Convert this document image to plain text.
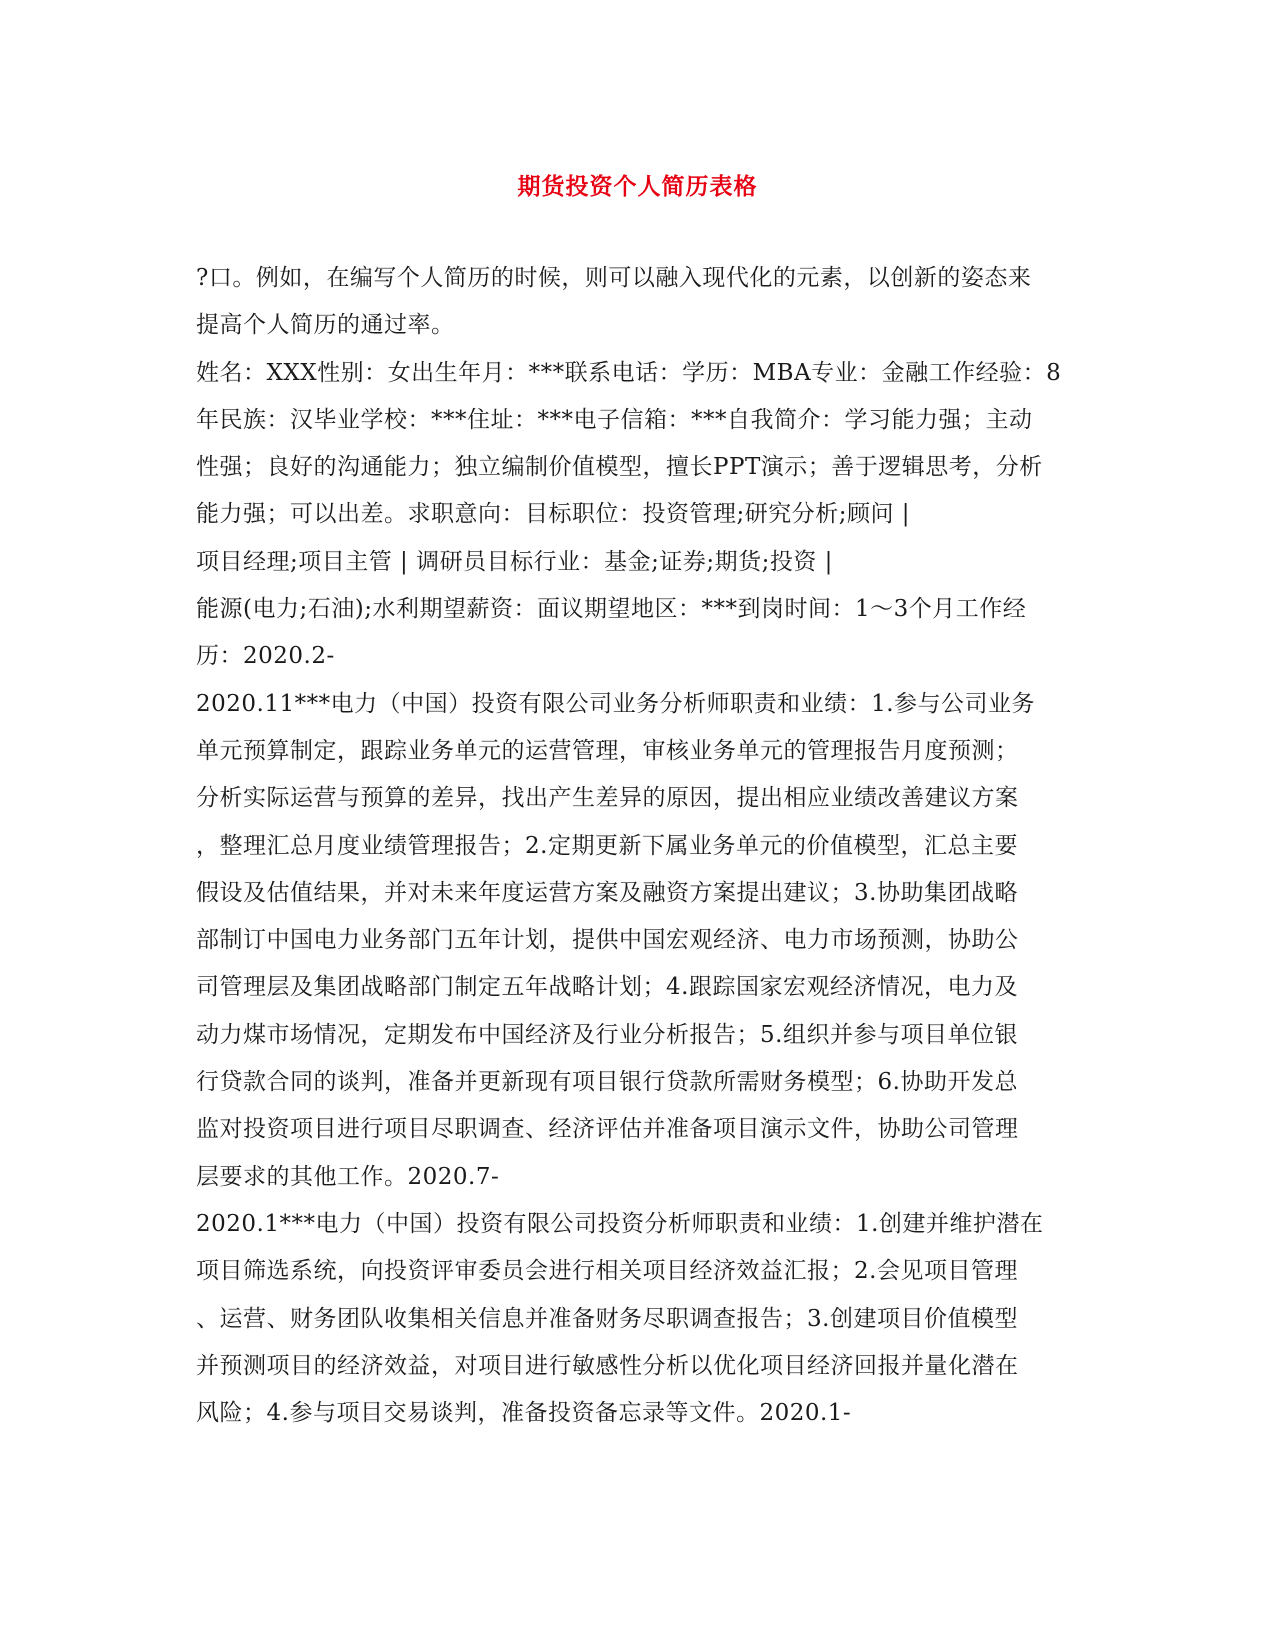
期货投资个人简历表格
?口。例如，在编写个人简历的时候，则可以融入现代化的元素，以创新的姿态来
提高个人简历的通过率。
姓名：XXX性别：女出生年月：***联系电话：学历：MBA专业：金融工作经验：8
年民族：汉毕业学校：***住址：***电子信箱：***自我简介：学习能力强；主动
性强；良好的沟通能力；独立编制价值模型，擅长PPT演示；善于逻辑思考，分析
能力强；可以出差。求职意向：目标职位：投资管理;研究分析;顾问 |
项目经理;项目主管 | 调研员目标行业：基金;证券;期货;投资 |
能源(电力;石油);水利期望薪资：面议期望地区：***到岗时间：1～3个月工作经
历：2020.2-
2020.11***电力（中国）投资有限公司业务分析师职责和业绩：1.参与公司业务
单元预算制定，跟踪业务单元的运营管理，审核业务单元的管理报告月度预测；
分析实际运营与预算的差异，找出产生差异的原因，提出相应业绩改善建议方案
，整理汇总月度业绩管理报告；2.定期更新下属业务单元的价值模型，汇总主要
假设及估值结果，并对未来年度运营方案及融资方案提出建议；3.协助集团战略
部制订中国电力业务部门五年计划，提供中国宏观经济、电力市场预测，协助公
司管理层及集团战略部门制定五年战略计划；4.跟踪国家宏观经济情况，电力及
动力煤市场情况，定期发布中国经济及行业分析报告；5.组织并参与项目单位银
行贷款合同的谈判，准备并更新现有项目银行贷款所需财务模型；6.协助开发总
监对投资项目进行项目尽职调查、经济评估并准备项目演示文件，协助公司管理
层要求的其他工作。2020.7-
2020.1***电力（中国）投资有限公司投资分析师职责和业绩：1.创建并维护潜在
项目筛选系统，向投资评审委员会进行相关项目经济效益汇报；2.会见项目管理
、运营、财务团队收集相关信息并准备财务尽职调查报告；3.创建项目价值模型
并预测项目的经济效益，对项目进行敏感性分析以优化项目经济回报并量化潜在
风险；4.参与项目交易谈判，准备投资备忘录等文件。2020.1-
